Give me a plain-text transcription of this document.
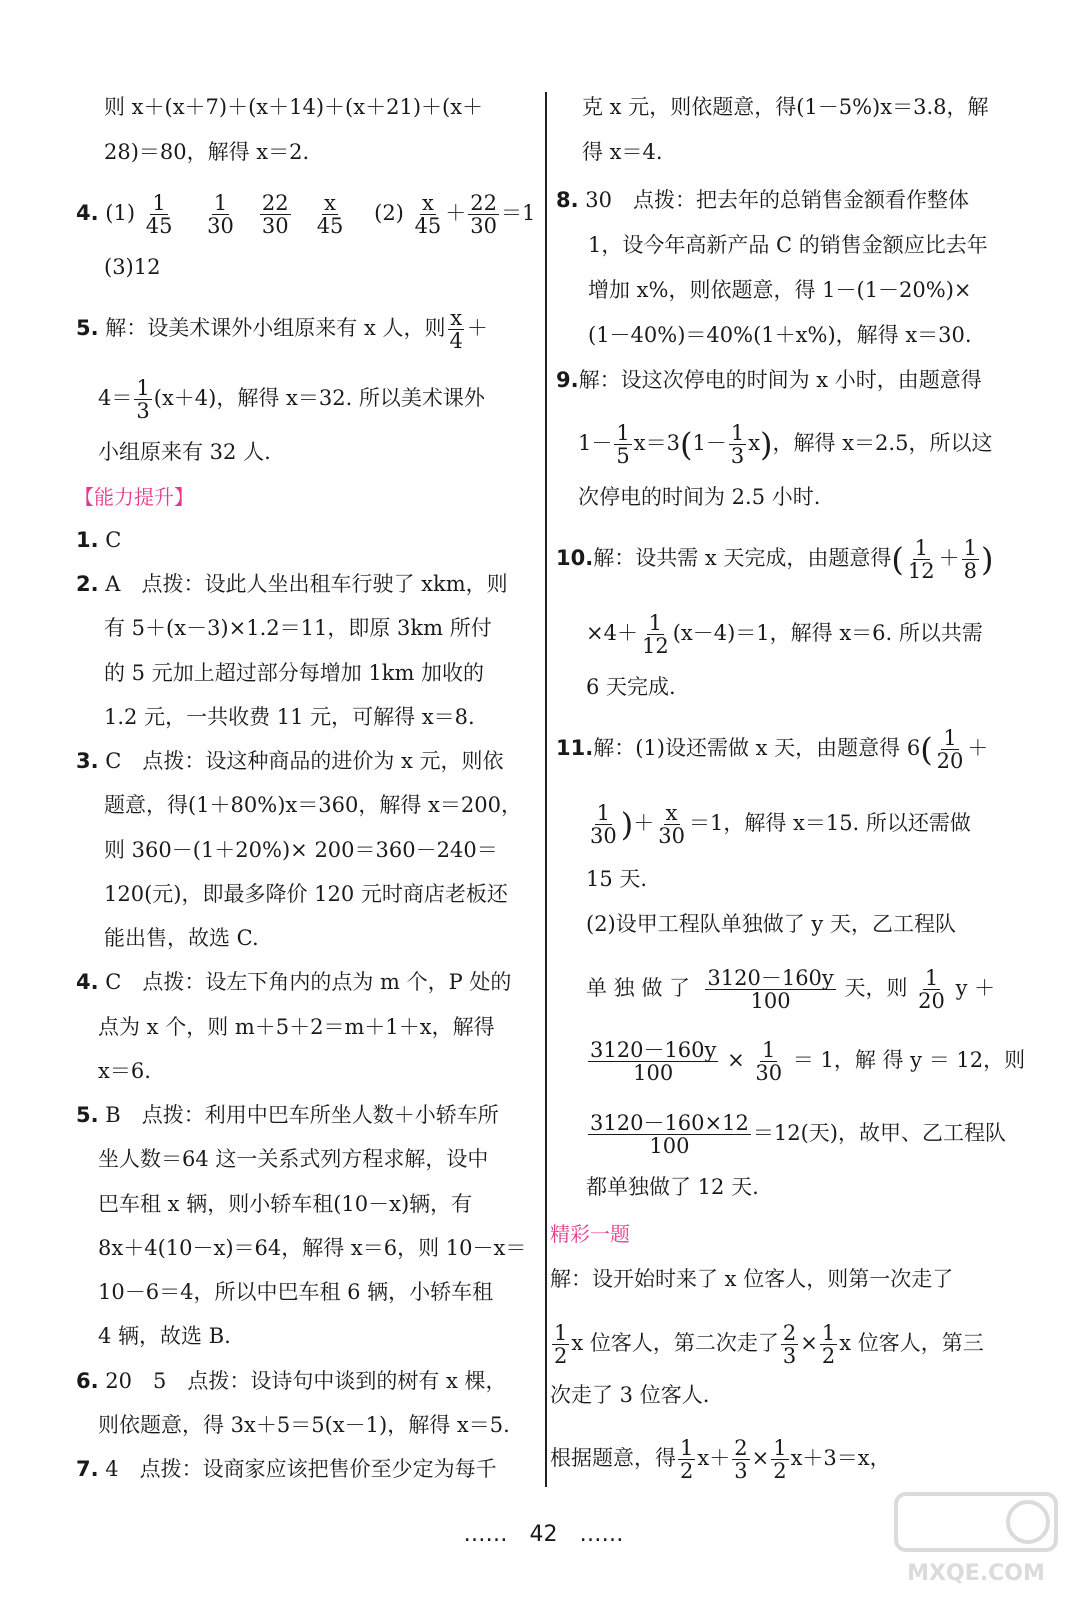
则 x＋(x＋7)＋(x＋14)＋(x＋21)＋(x＋
28)＝80，解得 x＝2.
4. $(1) \frac{1}{45}$
$\frac{1}{30}$
$\frac{22}{30}$
$\frac{x}{45} (2) \frac{x}{45} + \frac{22}{30} =1$
(3)12
5. 解：设美术课外小组原来有 x 人，则 $\frac{x}{4}$ ＋
$4= \frac{1}{3} (x+4)$，解得 x＝32. 所以美术课外
小组原来有 32 人.
【能力提升】
1. C
2. A　点拨：设此人坐出租车行驶了 xkm，则
有 5＋(x－3)×1.2＝11，即原 3km 所付
的 5 元加上超过部分每增加 1km 加收的
1.2 元，一共收费 11 元，可解得 x＝8.
3. C　点拨：设这种商品的进价为 x 元，则依
题意，得(1＋80%)x＝360，解得 x＝200，
则 360－(1＋20%)× 200＝360－240＝
120(元)，即最多降价 120 元时商店老板还
能出售，故选 C.
4. C　点拨：设左下角内的点为 m 个，P 处的
点为 x 个，则 m＋5＋2＝m＋1＋x，解得
x＝6.
5. B　点拨：利用中巴车所坐人数＋小轿车所
坐人数＝64 这一关系式列方程求解，设中
巴车租 x 辆，则小轿车租(10－x)辆，有
8x＋4(10－x)＝64，解得 x＝6，则 10－x＝
10－6＝4，所以中巴车租 6 辆，小轿车租
4 辆，故选 B.
6. 20　5　点拨：设诗句中谈到的树有 x 棵，
则依题意，得 3x＋5＝5(x－1)，解得 x＝5.
7. 4　点拨：设商家应该把售价至少定为每千
克 x 元，则依题意，得(1－5%)x＝3.8，解
得 x＝4.
8. 30　点拨：把去年的总销售金额看作整体
1，设今年高新产品 C 的销售金额应比去年
增加 x%，则依题意，得 1－(1－20%)×
(1－40%)＝40%(1＋x%)，解得 x＝30.
9.解：设这次停电的时间为 x 小时，由题意得
$1- \frac{1}{5} x=3(1- \frac{1}{3} x)$，解得 x＝2.5，所以这
次停电的时间为 2.5 小时.
10.解：设共需 x 天完成，由题意得( $\frac{1}{12} + \frac{1}{8}$ )
$\times 4+ \frac{1}{12} (x-4)=1$，解得 x＝6. 所以共需
6 天完成.
11.解：(1)设还需做 x 天，由题意得 $6( \frac{1}{20}$ ＋
$\frac{1}{30}$ )＋ $\frac{x}{30} =1$，解得 x＝15. 所以还需做
15 天.
(2)设甲工程队单独做了 y 天，乙工程队
单 独 做 了 $\frac{3120-160y}{100}$ 天，则 $\frac{1}{20}$ y ＋
$\frac{3120-160y}{100} \times \frac{1}{30} = 1$，解 得 y ＝ 12，则
$\frac{3120-160\times 12}{100} =12$(天)，故甲、乙工程队
都单独做了 12 天.
精彩一题
解：设开始时来了 x 位客人，则第一次走了
$\frac{1}{2}$ x 位客人，第二次走了 $\frac{2}{3} \times \frac{1}{2}$ x 位客人，第三
次走了 3 位客人.
根据题意，得 $\frac{1}{2} x+ \frac{2}{3} \times \frac{1}{2} x+3=x$，
……　42　……
MXQE.COM
